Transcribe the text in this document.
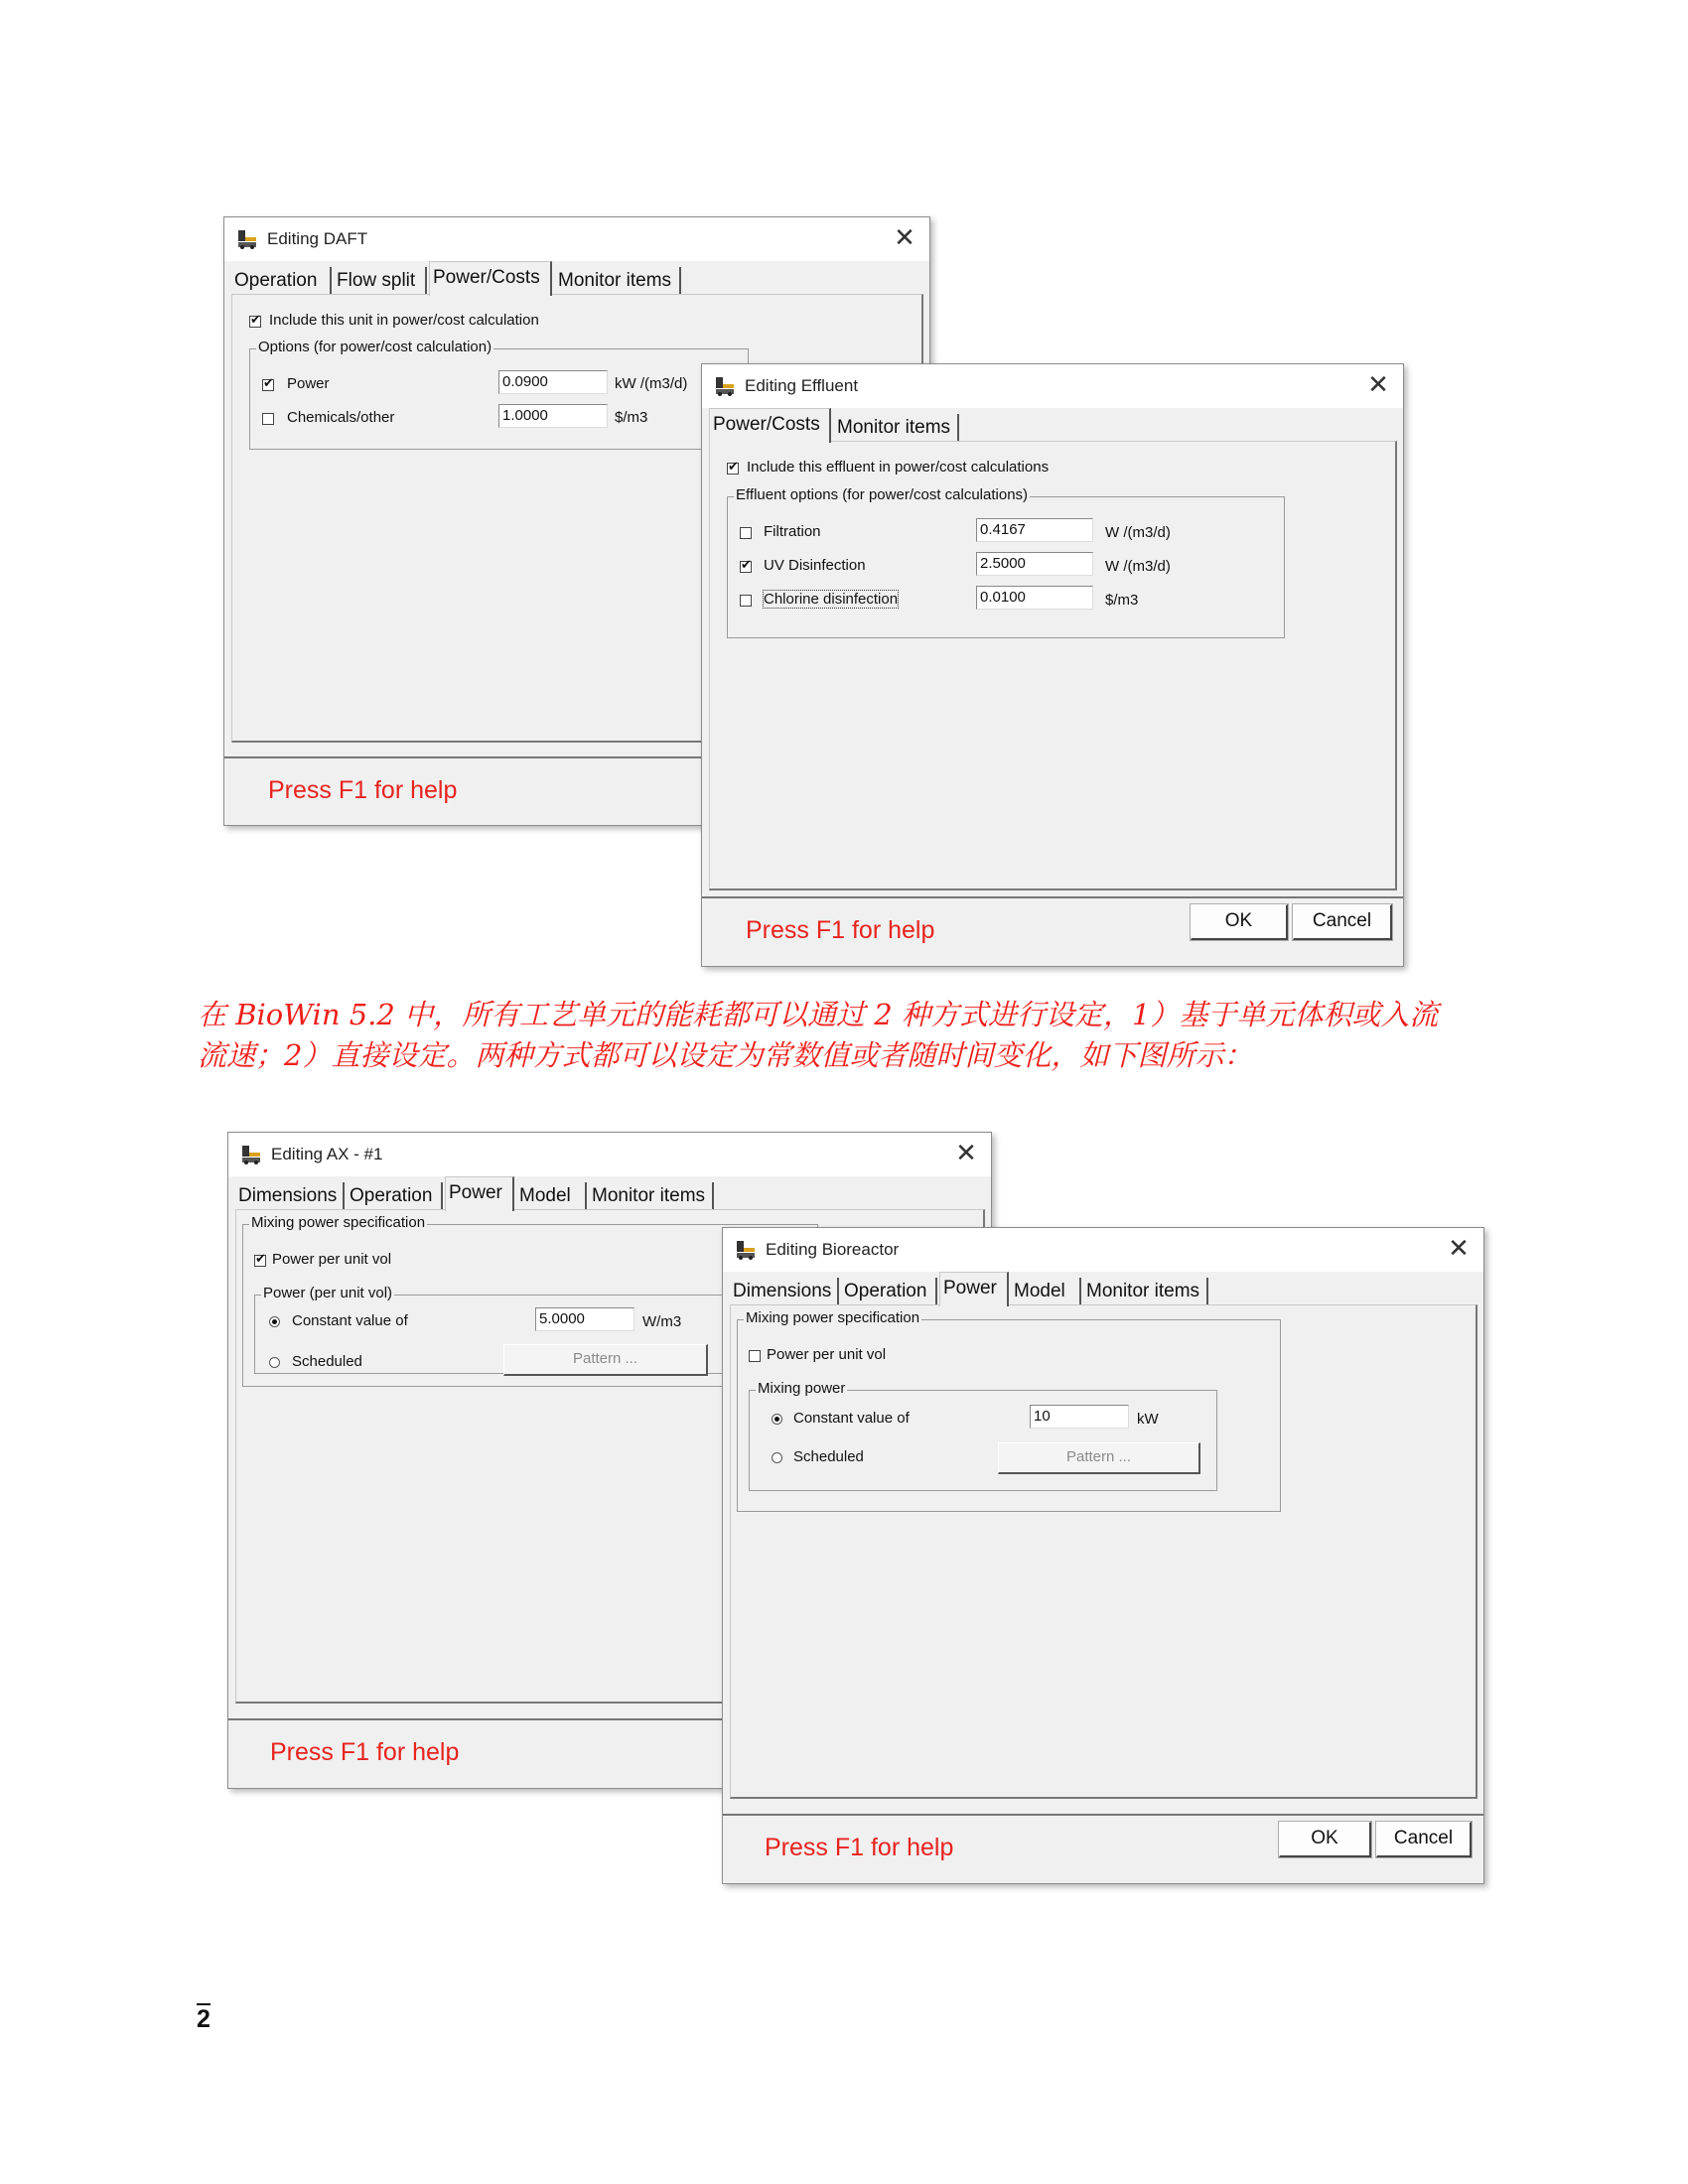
Editing DAFT	✕
Operation	Flow split Power/Costs Monitor items
✔
Include this unit in power/cost calculation
Options (for power/cost calculation)
✔
Power	0.0900	kW /(m3/d)
Chemicals/other	1.0000	$/m3
Press F1 for help
Editing Effluent	✕
Power/Costs Monitor items
✔
Include this effluent in power/cost calculations
Effluent options (for power/cost calculations)
Filtration	0.4167	W /(m3/d)
✔
UV Disinfection	2.5000	W /(m3/d)
Chlorine disinfection	0.0100	$/m3
Press F1 for help	OK	Cancel
在 BioWin 5.2 中，所有工艺单元的能耗都可以通过 2 种方式进行设定，1）基于单元体积或入流
流速；2）直接设定。两种方式都可以设定为常数值或者随时间变化，如下图所示：
Editing AX - #1	✕
Dimensions Operation Power Model	Monitor items
Mixing power specification
✔
Power per unit vol
Power (per unit vol)
Constant value of	5.0000	W/m3
Scheduled	Pattern ...
Press F1 for help
Editing Bioreactor	✕
Dimensions Operation Power Model	Monitor items
Mixing power specification
Power per unit vol
Mixing power
Constant value of	10	kW
Scheduled	Pattern ...
Press F1 for help	OK	Cancel
2
